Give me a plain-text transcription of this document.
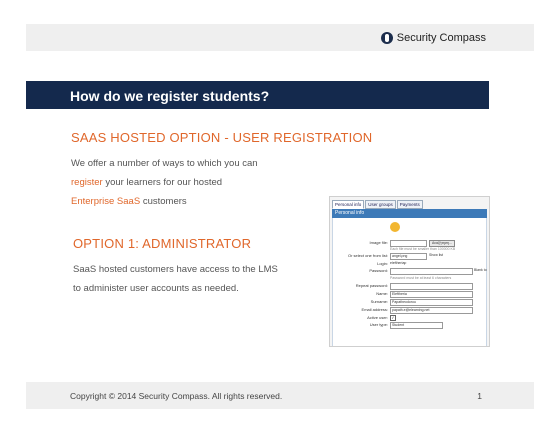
Security Compass
How do we register students?
SAAS HOSTED OPTION - USER REGISTRATION
We offer a number of ways to which you can
register your learners for our hosted
Enterprise SaaS customers
OPTION 1: ADMINISTRATOR
SaaS hosted customers have access to the LMS
to administer user accounts as needed.
Personal info	User groups	Payments
Personal info
Image file:	Αναζήτηση...
Each file must be smaller than 100000 KB
Or select one from list:	angel.png	Show list
Login: eleftheriap
Password:	Blank to
Password must be at least 6 characters
Repeat password:
Name:	Eleftheria
Surname:	Papatheodorou
Email address:	papath.e@elearning.net
Active user: ✓
User type:	Student
Copyright © 2014 Security Compass. All rights reserved.	1
